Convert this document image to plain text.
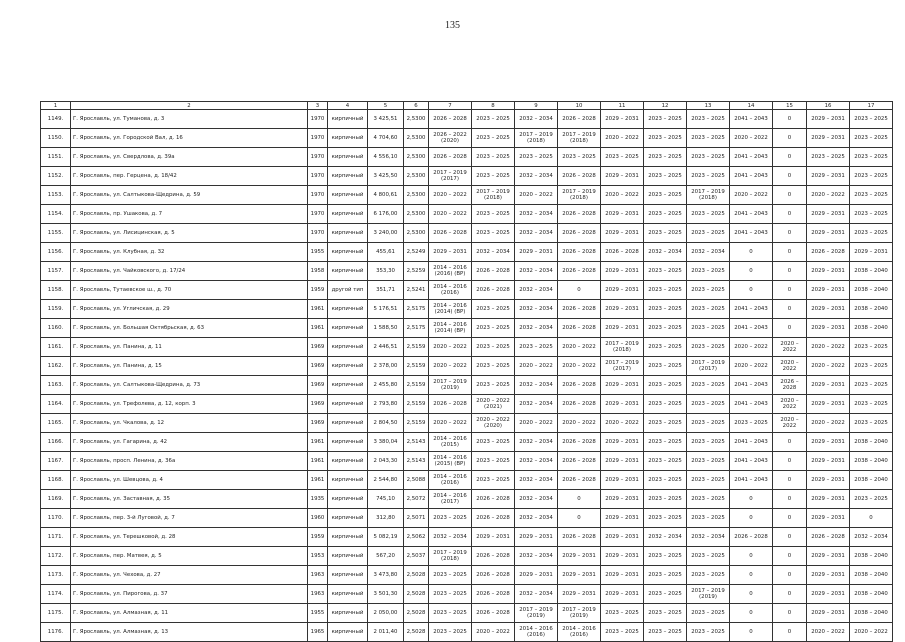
135
1	2	3	4	5	6	7	8	9	10	11	12	13	14	15	16	17
1149.	Г. Ярославль, ул. Туманова, д. 3	1970	кирпичный	3 425,51	2,5300	2026 – 2028	2023 – 2025	2032 – 2034	2026 – 2028	2029 – 2031	2023 – 2025	2023 – 2025	2041 – 2043	0	2029 – 2031	2023 – 2025
1150.	Г. Ярославль, ул. Городской Вал, д. 16	1970	кирпичный	4 704,60	2,5300	2026 – 2022 (2020)	2023 – 2025	2017 – 2019 (2018)	2017 – 2019 (2018)	2020 – 2022	2023 – 2025	2023 – 2025	2020 – 2022	0	2029 – 2031	2023 – 2025
1151.	Г. Ярославль, ул. Свердлова, д. 39а	1970	кирпичный	4 556,10	2,5300	2026 – 2028	2023 – 2025	2023 – 2025	2023 – 2025	2023 – 2025	2023 – 2025	2023 – 2025	2041 – 2043	0	2023 – 2025	2023 – 2025
1152.	Г. Ярославль, пер. Герцена, д. 18/42	1970	кирпичный	3 425,50	2,5300	2017 – 2019 (2017)	2023 – 2025	2032 – 2034	2026 – 2028	2029 – 2031	2023 – 2025	2023 – 2025	2041 – 2043	0	2029 – 2031	2023 – 2025
1153.	Г. Ярославль, ул. Салтыкова-Щедрина, д. 59	1970	кирпичный	4 800,61	2,5300	2020 – 2022	2017 – 2019 (2018)	2020 – 2022	2017 – 2019 (2018)	2020 – 2022	2023 – 2025	2017 – 2019 (2018)	2020 – 2022	0	2020 – 2022	2023 – 2025
1154.	Г. Ярославль, пр. Ушакова, д. 7	1970	кирпичный	6 176,00	2,5300	2020 – 2022	2023 – 2025	2032 – 2034	2026 – 2028	2029 – 2031	2023 – 2025	2023 – 2025	2041 – 2043	0	2029 – 2031	2023 – 2025
1155.	Г. Ярославль, ул. Лисицинская, д. 5	1970	кирпичный	3 240,00	2,5300	2026 – 2028	2023 – 2025	2032 – 2034	2026 – 2028	2029 – 2031	2023 – 2025	2023 – 2025	2041 – 2043	0	2029 – 2031	2023 – 2025
1156.	Г. Ярославль, ул. Клубная, д. 32	1955	кирпичный	455,61	2,5249	2029 – 2031	2032 – 2034	2029 – 2031	2026 – 2028	2026 – 2028	2032 – 2034	2032 – 2034	0	0	2026 – 2028	2029 – 2031
1157.	Г. Ярославль, ул. Чайковского, д. 17/24	1958	кирпичный	353,30	2,5259	2014 – 2016 (2016) (ВР)	2026 – 2028	2032 – 2034	2026 – 2028	2029 – 2031	2023 – 2025	2023 – 2025	0	0	2029 – 2031	2038 – 2040
1158.	Г. Ярославль, Тутаевское ш., д. 70	1959	другой тип	351,71	2,5241	2014 – 2016 (2016)	2026 – 2028	2032 – 2034	0	2029 – 2031	2023 – 2025	2023 – 2025	0	0	2029 – 2031	2038 – 2040
1159.	Г. Ярославль, ул. Угличская, д. 29	1961	кирпичный	5 176,51	2,5175	2014 – 2016 (2014) (ВР)	2023 – 2025	2032 – 2034	2026 – 2028	2029 – 2031	2023 – 2025	2023 – 2025	2041 – 2043	0	2029 – 2031	2038 – 2040
1160.	Г. Ярославль, ул. Большая Октябрьская, д. 63	1961	кирпичный	1 588,50	2,5175	2014 – 2016 (2014) (ВР)	2023 – 2025	2032 – 2034	2026 – 2028	2029 – 2031	2023 – 2025	2023 – 2025	2041 – 2043	0	2029 – 2031	2038 – 2040
1161.	Г. Ярославль, ул. Панина, д. 11	1969	кирпичный	2 446,51	2,5159	2020 – 2022	2023 – 2025	2023 – 2025	2020 – 2022	2017 – 2019 (2018)	2023 – 2025	2023 – 2025	2020 – 2022	2020 – 2022	2020 – 2022	2023 – 2025
1162.	Г. Ярославль, ул. Панина, д. 15	1969	кирпичный	2 378,00	2,5159	2020 – 2022	2023 – 2025	2020 – 2022	2020 – 2022	2017 – 2019 (2017)	2023 – 2025	2017 – 2019 (2017)	2020 – 2022	2020 – 2022	2020 – 2022	2023 – 2025
1163.	Г. Ярославль, ул. Салтыкова-Щедрина, д. 73	1969	кирпичный	2 455,80	2,5159	2017 – 2019 (2019)	2023 – 2025	2032 – 2034	2026 – 2028	2029 – 2031	2023 – 2025	2023 – 2025	2041 – 2043	2026 – 2028	2029 – 2031	2023 – 2025
1164.	Г. Ярославль, ул. Трефолева, д. 12, корп. 3	1969	кирпичный	2 793,80	2,5159	2026 – 2028	2020 – 2022 (2021)	2032 – 2034	2026 – 2028	2029 – 2031	2023 – 2025	2023 – 2025	2041 – 2043	2020 – 2022	2029 – 2031	2023 – 2025
1165.	Г. Ярославль, ул. Чкалова, д. 12	1969	кирпичный	2 804,50	2,5159	2020 – 2022	2020 – 2022 (2020)	2020 – 2022	2020 – 2022	2020 – 2022	2023 – 2025	2023 – 2025	2023 – 2025	2020 – 2022	2020 – 2022	2023 – 2025
1166.	Г. Ярославль, ул. Гагарина, д. 42	1961	кирпичный	3 380,04	2,5143	2014 – 2016 (2015)	2023 – 2025	2032 – 2034	2026 – 2028	2029 – 2031	2023 – 2025	2023 – 2025	2041 – 2043	0	2029 – 2031	2038 – 2040
1167.	Г. Ярославль, просп. Ленина, д. 36а	1961	кирпичный	2 043,30	2,5143	2014 – 2016 (2015) (ВР)	2023 – 2025	2032 – 2034	2026 – 2028	2029 – 2031	2023 – 2025	2023 – 2025	2041 – 2043	0	2029 – 2031	2038 – 2040
1168.	Г. Ярославль, ул. Шевцова, д. 4	1961	кирпичный	2 544,80	2,5088	2014 – 2016 (2016)	2023 – 2025	2032 – 2034	2026 – 2028	2029 – 2031	2023 – 2025	2023 – 2025	2041 – 2043	0	2029 – 2031	2038 – 2040
1169.	Г. Ярославль, ул. Заставная, д. 35	1935	кирпичный	745,10	2,5072	2014 – 2016 (2017)	2026 – 2028	2032 – 2034	0	2029 – 2031	2023 – 2025	2023 – 2025	0	0	2029 – 2031	2023 – 2025
1170.	Г. Ярославль, пер. 3-й Луговой, д. 7	1960	кирпичный	312,80	2,5071	2023 – 2025	2026 – 2028	2032 – 2034	0	2029 – 2031	2023 – 2025	2023 – 2025	0	0	2029 – 2031	0
1171.	Г. Ярославль, ул. Терешковой, д. 28	1959	кирпичный	5 082,19	2,5062	2032 – 2034	2029 – 2031	2029 – 2031	2026 – 2028	2029 – 2031	2032 – 2034	2032 – 2034	2026 – 2028	0	2026 – 2028	2032 – 2034
1172.	Г. Ярославль, пер. Матвея, д. 5	1953	кирпичный	567,20	2,5037	2017 – 2019 (2018)	2026 – 2028	2032 – 2034	2029 – 2031	2029 – 2031	2023 – 2025	2023 – 2025	0	0	2029 – 2031	2038 – 2040
1173.	Г. Ярославль, ул. Чехова, д. 27	1963	кирпичный	3 473,80	2,5028	2023 – 2025	2026 – 2028	2029 – 2031	2029 – 2031	2029 – 2031	2023 – 2025	2023 – 2025	0	0	2029 – 2031	2038 – 2040
1174.	Г. Ярославль, ул. Пирогова, д. 37	1963	кирпичный	3 501,30	2,5028	2023 – 2025	2026 – 2028	2032 – 2034	2029 – 2031	2029 – 2031	2023 – 2025	2017 – 2019 (2019)	0	0	2029 – 2031	2038 – 2040
1175.	Г. Ярославль, ул. Алмазная, д. 11	1955	кирпичный	2 050,00	2,5028	2023 – 2025	2026 – 2028	2017 – 2019 (2019)	2017 – 2019 (2019)	2023 – 2025	2023 – 2025	2023 – 2025	0	0	2029 – 2031	2038 – 2040
1176.	Г. Ярославль, ул. Алмазная, д. 13	1965	кирпичный	2 011,40	2,5028	2023 – 2025	2020 – 2022	2014 – 2016 (2016)	2014 – 2016 (2016)	2023 – 2025	2023 – 2025	2023 – 2025	0	0	2020 – 2022	2020 – 2022
